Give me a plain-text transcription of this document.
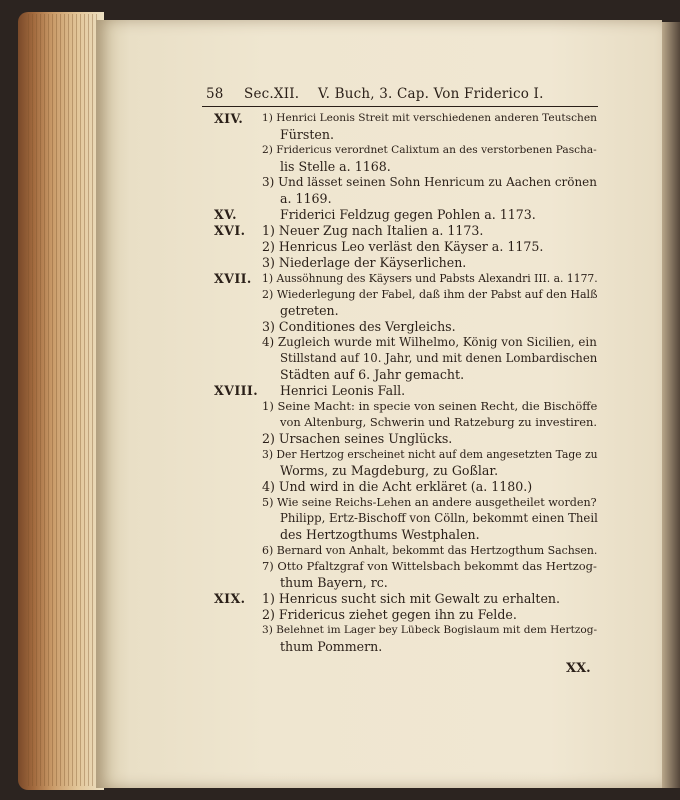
58 Sec.XII. V. Buch, 3. Cap. Von Friderico I.
XIV. 1) Henrici Leonis Streit mit verschiedenen anderen Teutschen
Fürsten.
2) Fridericus verordnet Calixtum an des verstorbenen Pascha-
lis Stelle a. 1168.
3) Und lässet seinen Sohn Henricum zu Aachen crönen
a. 1169.
XV.	Friderici Feldzug gegen Pohlen a. 1173.
XVI. 1) Neuer Zug nach Italien a. 1173.
2) Henricus Leo verläst den Käyser a. 1175.
3) Niederlage der Käyserlichen.
XVII. 1) Aussöhnung des Käysers und Pabsts Alexandri III. a. 1177.
2) Wiederlegung der Fabel, daß ihm der Pabst auf den Halß
getreten.
3) Conditiones des Vergleichs.
4) Zugleich wurde mit Wilhelmo, König von Sicilien, ein
Stillstand auf 10. Jahr, und mit denen Lombardischen
Städten auf 6. Jahr gemacht.
XVIII. Henrici Leonis Fall.
1) Seine Macht: in specie von seinen Recht, die Bischöffe
von Altenburg, Schwerin und Ratzeburg zu investiren.
2) Ursachen seines Unglücks.
3) Der Hertzog erscheinet nicht auf dem angesetzten Tage zu
Worms, zu Magdeburg, zu Goßlar.
4) Und wird in die Acht erkläret (a. 1180.)
5) Wie seine Reichs-Lehen an andere ausgetheilet worden?
Philipp, Ertz-Bischoff von Cölln, bekommt einen Theil
des Hertzogthums Westphalen.
6) Bernard von Anhalt, bekommt das Hertzogthum Sachsen.
7) Otto Pfaltzgraf von Wittelsbach bekommt das Hertzog-
thum Bayern, rc.
XIX. 1) Henricus sucht sich mit Gewalt zu erhalten.
2) Fridericus ziehet gegen ihn zu Felde.
3) Belehnet im Lager bey Lübeck Bogislaum mit dem Hertzog-
thum Pommern.
XX.
